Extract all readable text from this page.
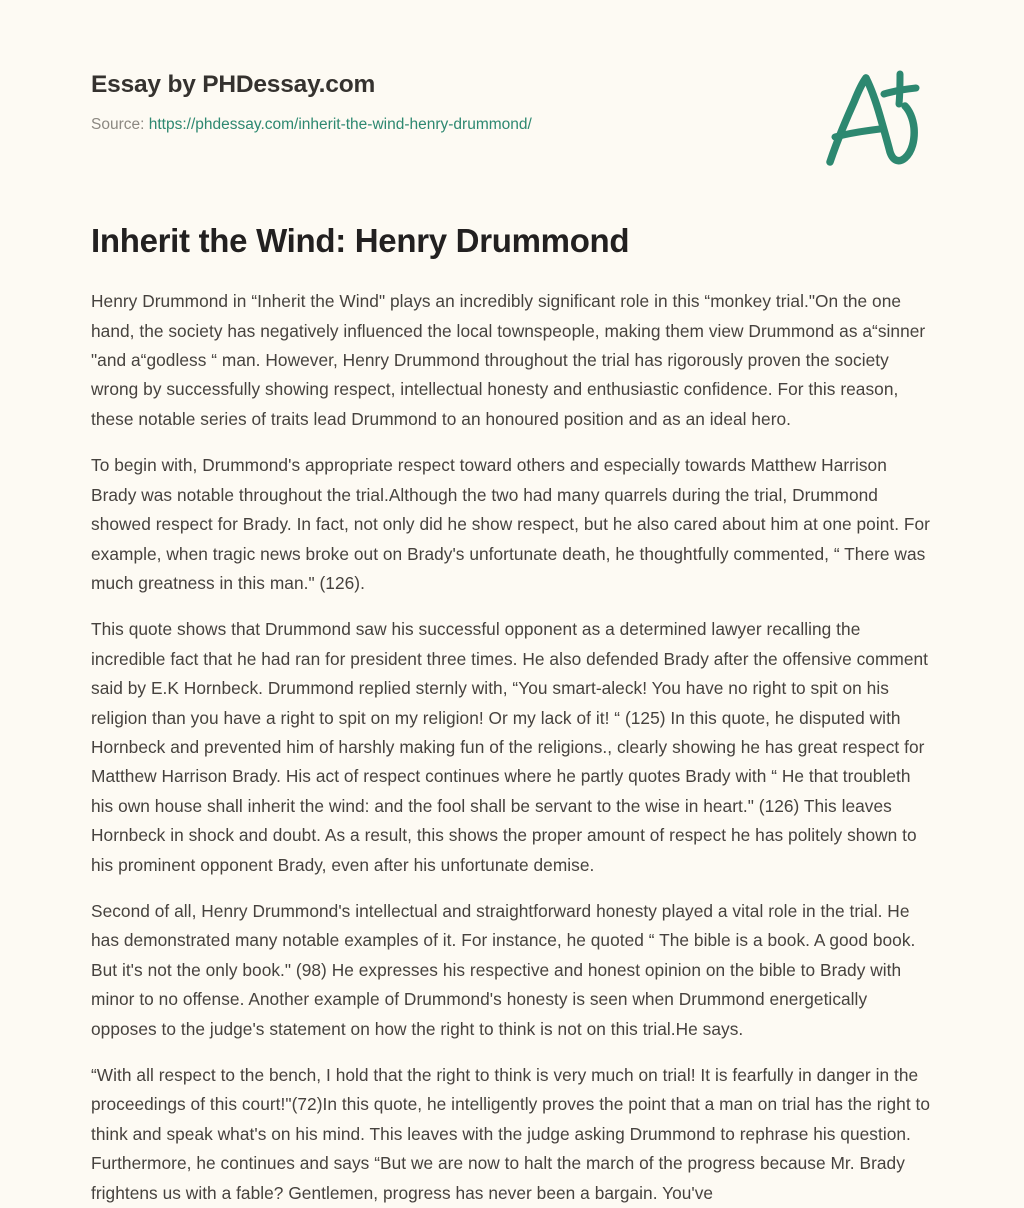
Essay by PHDessay.com
Source: https://phdessay.com/inherit-the-wind-henry-drummond/
Inherit the Wind: Henry Drummond

Henry Drummond in “Inherit the Wind" plays an incredibly significant role in this “monkey trial."On the one hand, the society has negatively influenced the local townspeople, making them view Drummond as a“sinner "and a“godless “ man. However, Henry Drummond throughout the trial has rigorously proven the society wrong by successfully showing respect, intellectual honesty and enthusiastic confidence. For this reason, these notable series of traits lead Drummond to an honoured position and as an ideal hero.

To begin with, Drummond's appropriate respect toward others and especially towards Matthew Harrison Brady was notable throughout the trial.Although the two had many quarrels during the trial, Drummond showed respect for Brady. In fact, not only did he show respect, but he also cared about him at one point. For example, when tragic news broke out on Brady's unfortunate death, he thoughtfully commented, “ There was much greatness in this man." (126).

This quote shows that Drummond saw his successful opponent as a determined lawyer recalling the incredible fact that he had ran for president three times. He also defended Brady after the offensive comment said by E.K Hornbeck. Drummond replied sternly with, “You smart-aleck! You have no right to spit on his religion than you have a right to spit on my religion! Or my lack of it! “ (125) In this quote, he disputed with Hornbeck and prevented him of harshly making fun of the religions., clearly showing he has great respect for Matthew Harrison Brady. His act of respect continues where he partly quotes Brady with “ He that troubleth his own house shall inherit the wind: and the fool shall be servant to the wise in heart." (126) This leaves Hornbeck in shock and doubt. As a result, this shows the proper amount of respect he has politely shown to his prominent opponent Brady, even after his unfortunate demise.

Second of all, Henry Drummond's intellectual and straightforward honesty played a vital role in the trial. He has demonstrated many notable examples of it. For instance, he quoted “ The bible is a book. A good book. But it's not the only book." (98) He expresses his respective and honest opinion on the bible to Brady with minor to no offense. Another example of Drummond's honesty is seen when Drummond energetically opposes to the judge's statement on how the right to think is not on this trial.He says.

“With all respect to the bench, I hold that the right to think is very much on trial! It is fearfully in danger in the proceedings of this court!"(72)In this quote, he intelligently proves the point that a man on trial has the right to think and speak what's on his mind. This leaves with the judge asking Drummond to rephrase his question. Furthermore, he continues and says “But we are now to halt the march of the progress because Mr. Brady frightens us with a fable? Gentlemen, progress has never been a bargain. You've
